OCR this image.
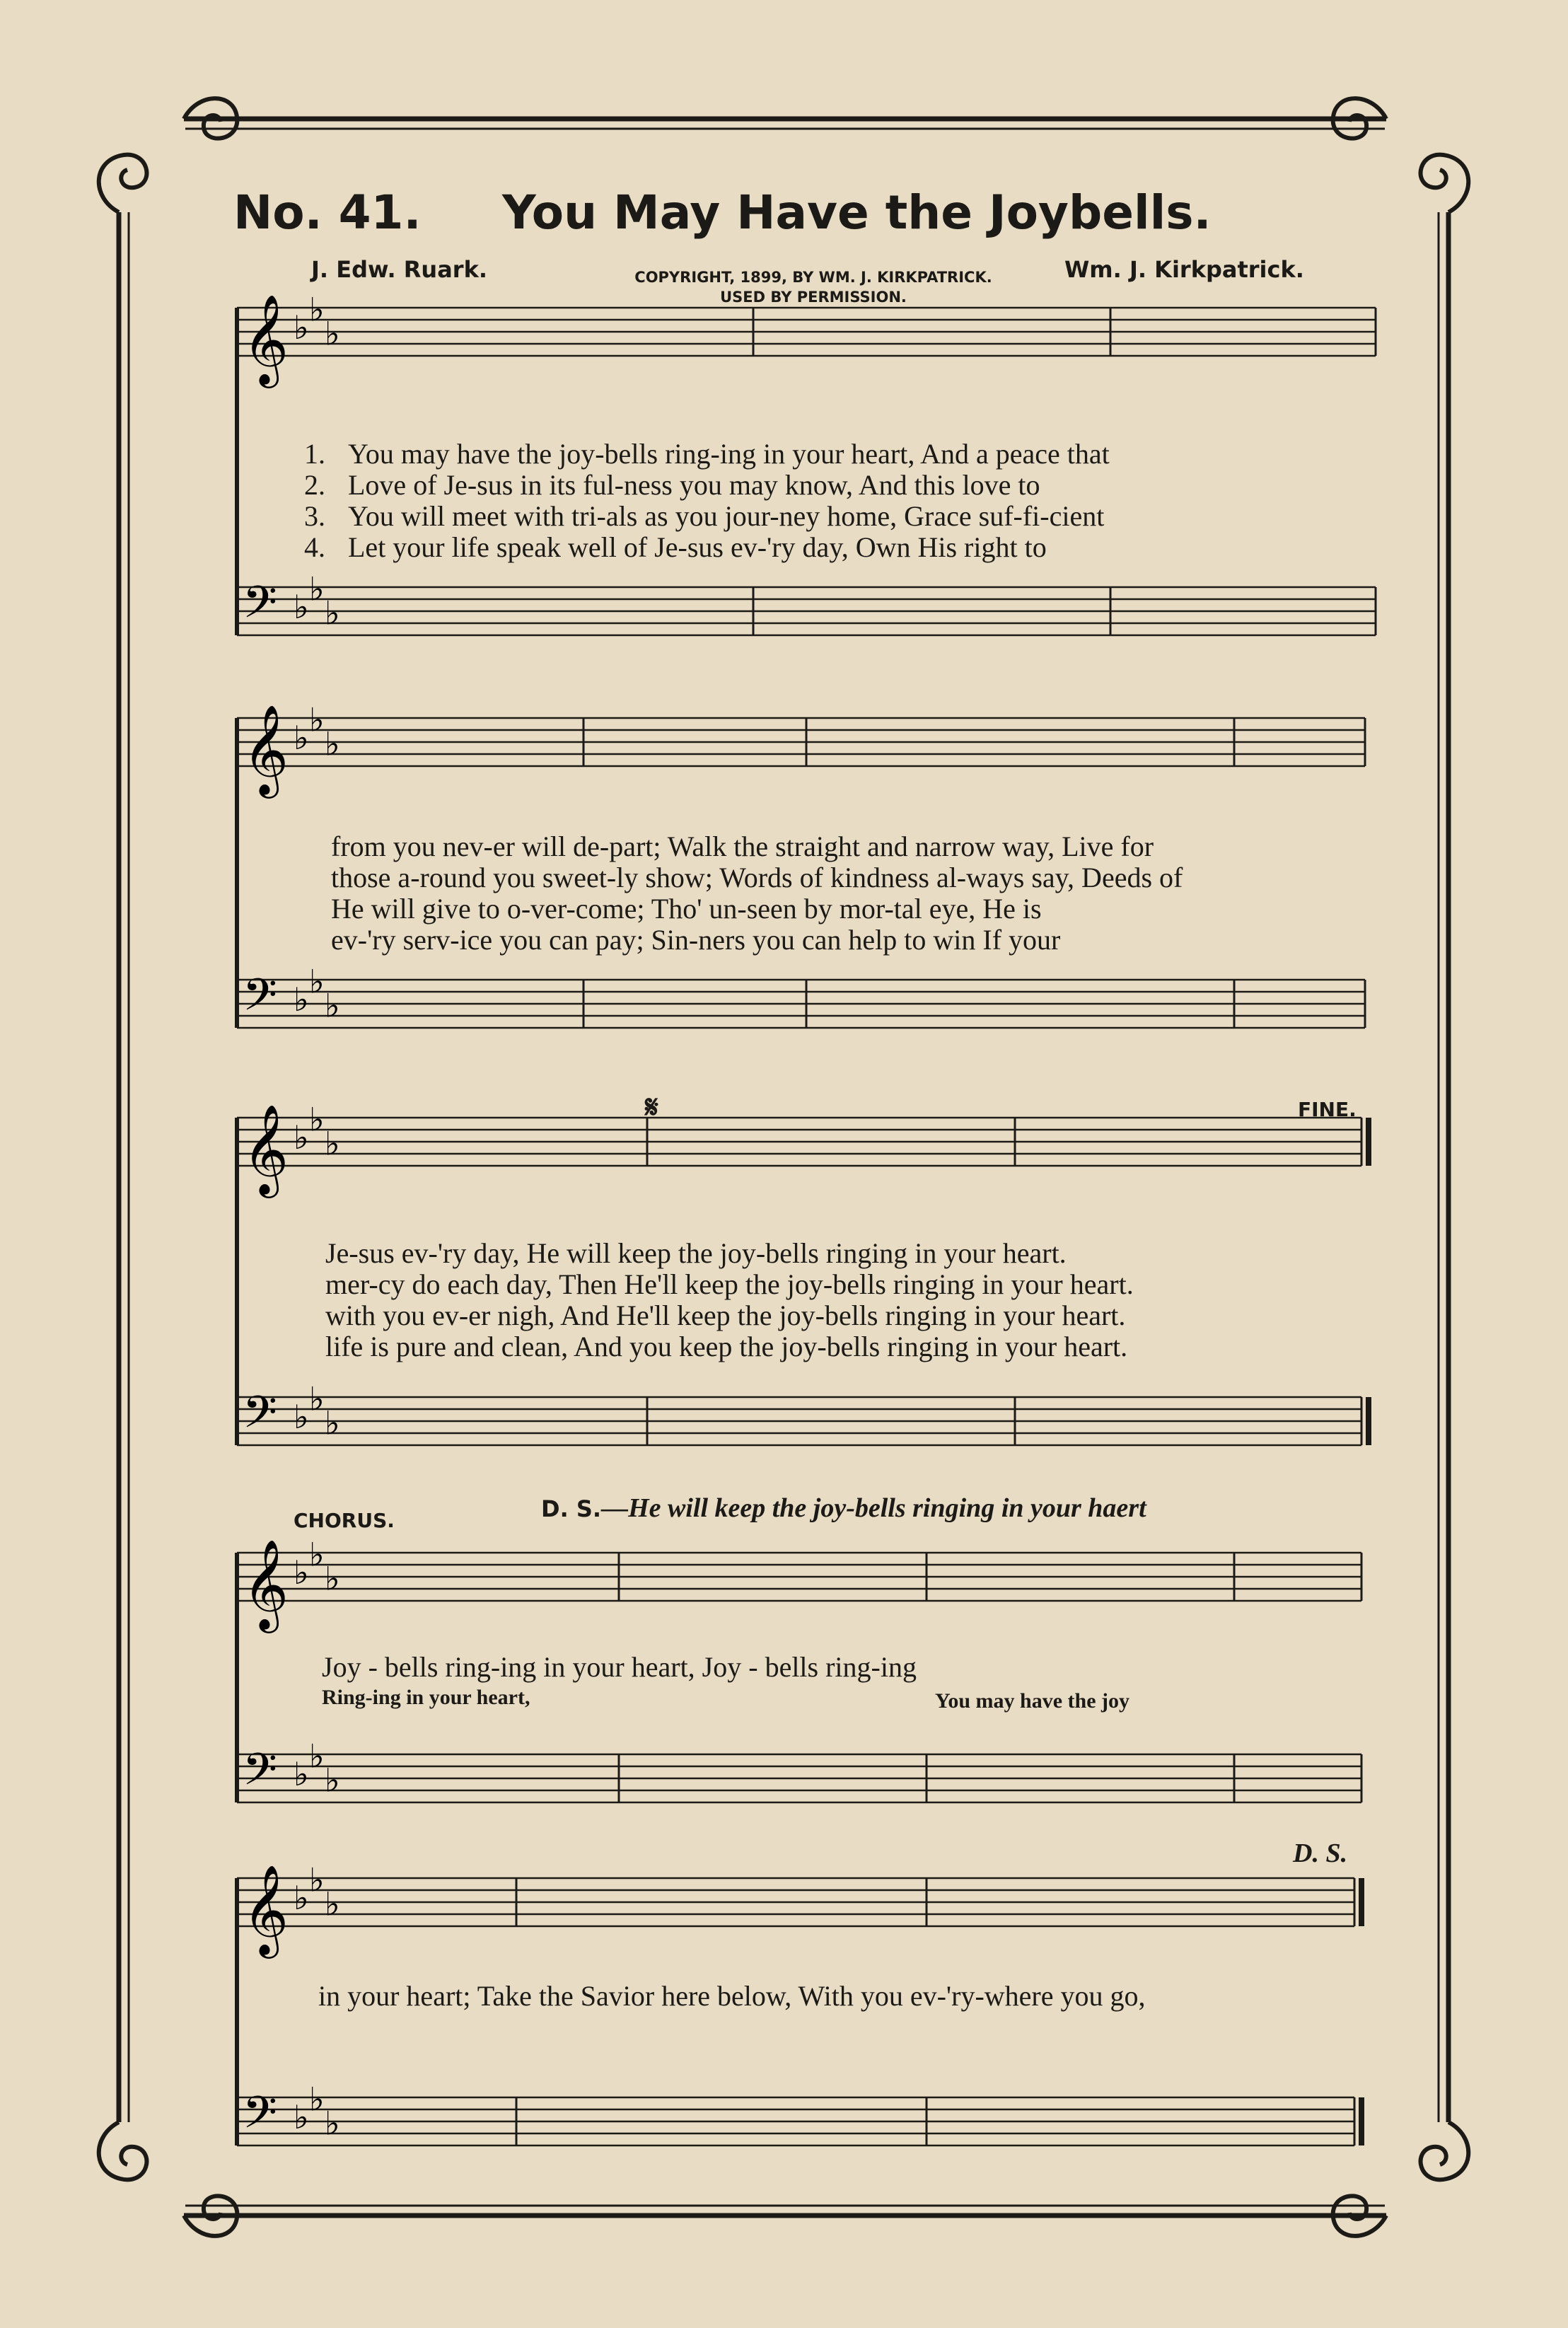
No. 41. You May Have the Joybells.
J. Edw. Ruark.	Wm. J. Kirkpatrick.
COPYRIGHT, 1899, BY WM. J. KIRKPATRICK.
USED BY PERMISSION.
𝄞
𝄢
♭
♭
♭
♭
♭
♭
𝄞
𝄢
♭
♭
♭
♭
♭
♭
𝄞
𝄢
♭
♭
♭
♭
♭
♭
𝄞
𝄢
♭
♭
♭
♭
♭
♭
𝄞
𝄢
♭
♭
♭
♭
♭
♭
1. You may have the joy-bells ring-ing in your heart, And a peace that
2. Love of Je-sus in its ful-ness you may know, And this love to
3. You will meet with tri-als as you jour-ney home, Grace suf-fi-cient
4. Let your life speak well of Je-sus ev-'ry day, Own His right to
from you nev-er will de-part; Walk the straight and narrow way, Live for
those a-round you sweet-ly show; Words of kindness al-ways say, Deeds of
He will give to o-ver-come; Tho' un-seen by mor-tal eye, He is
ev-'ry serv-ice you can pay; Sin-ners you can help to win If your
𝄋	FINE.
Je-sus ev-'ry day, He will keep the joy-bells ringing in your heart.
mer-cy do each day, Then He'll keep the joy-bells ringing in your heart.
with you ev-er nigh, And He'll keep the joy-bells ringing in your heart.
life is pure and clean, And you keep the joy-bells ringing in your heart.
CHORUS.	D. S.—He will keep the joy-bells ringing in your haert
Joy - bells ring-ing in your heart, Joy - bells ring-ing
Ring-ing in your heart,	You may have the joy
D. S.
in your heart; Take the Savior here below, With you ev-'ry-where you go,
